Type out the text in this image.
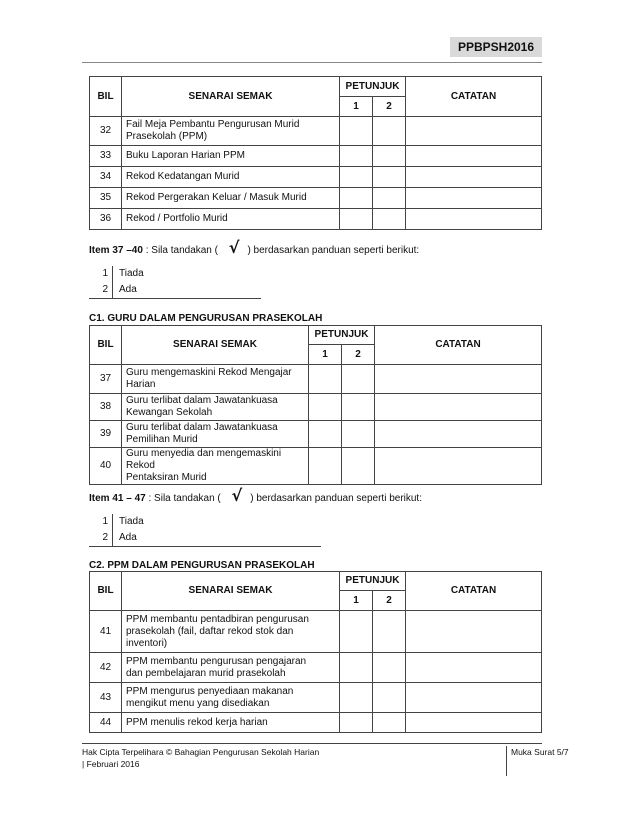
PPBPSH2016
BIL	SENARAI SEMAK	PETUNJUK		CATATAN
		1	2	
32	Fail Meja Pembantu Pengurusan Murid
Prasekolah (PPM)			

33	Buku Laporan Harian PPM			
34	Rekod Kedatangan Murid			
35	Rekod Pergerakan Keluar / Masuk Murid			
36	Rekod / Portfolio Murid			
Item 37 –40 : Sila tandakan ( √ ) berdasarkan panduan seperti berikut:
1 Tiada
2 Ada
C1. GURU DALAM PENGURUSAN PRASEKOLAH
BIL	SENARAI SEMAK	PETUNJUK		CATATAN
		1	2	
37	Guru mengemaskini Rekod Mengajar
Harian			

38	Guru terlibat dalam Jawatankuasa
Kewangan Sekolah			

39	Guru terlibat dalam Jawatankuasa
Pemilihan Murid			

40	Guru menyedia dan mengemaskini Rekod
Pentaksiran Murid			

Item 41 – 47 : Sila tandakan ( √ ) berdasarkan panduan seperti berikut:
1 Tiada
2 Ada
C2. PPM DALAM PENGURUSAN PRASEKOLAH
BIL	SENARAI SEMAK	PETUNJUK		CATATAN
		1	2	
41	PPM membantu pentadbiran pengurusan
prasekolah (fail, daftar rekod stok dan
inventori)			

42	PPM membantu pengurusan pengajaran
dan pembelajaran murid prasekolah			

43	PPM mengurus penyediaan makanan
mengikut menu yang disediakan			

44	PPM menulis rekod kerja harian			
Hak Cipta Terpelihara © Bahagian Pengurusan Sekolah Harian
| Februari 2016
Muka Surat 5/7
